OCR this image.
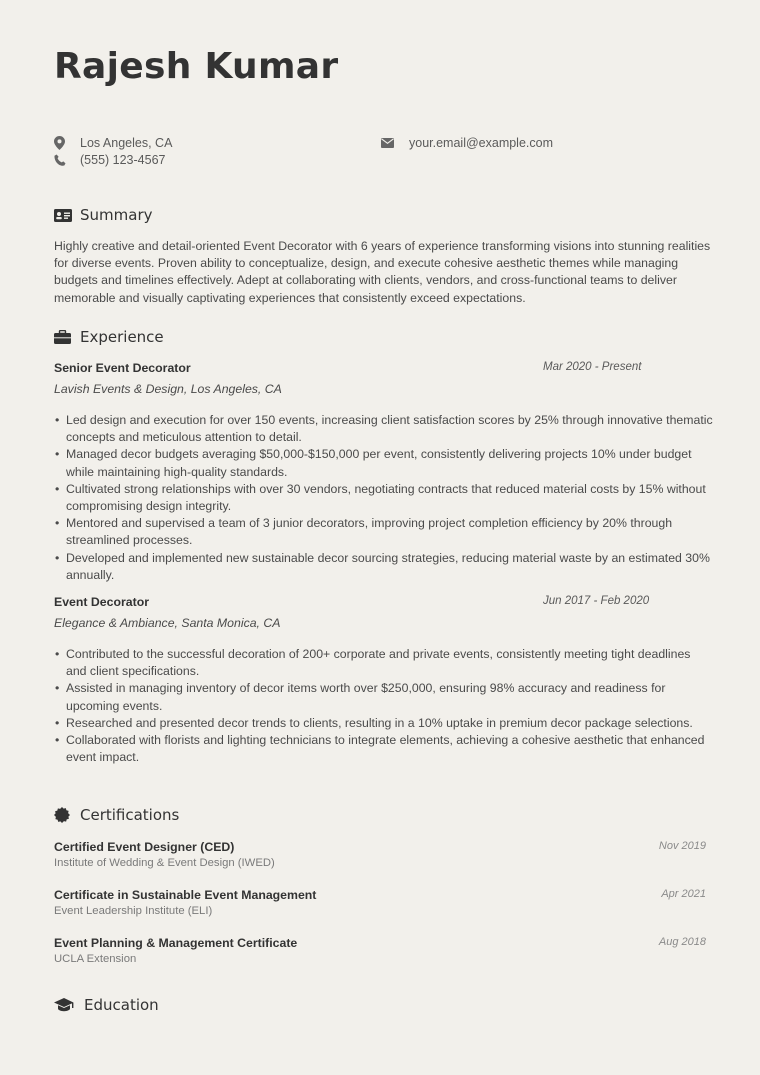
Rajesh Kumar
Los Angeles, CA
(555) 123-4567
your.email@example.com
Summary
Highly creative and detail-oriented Event Decorator with 6 years of experience transforming visions into stunning realities for diverse events. Proven ability to conceptualize, design, and execute cohesive aesthetic themes while managing budgets and timelines effectively. Adept at collaborating with clients, vendors, and cross-functional teams to deliver memorable and visually captivating experiences that consistently exceed expectations.
Experience
Senior Event Decorator	Mar 2020 - Present
Lavish Events & Design, Los Angeles, CA
• Led design and execution for over 150 events, increasing client satisfaction scores by 25% through innovative thematic concepts and meticulous attention to detail.
• Managed decor budgets averaging $50,000-$150,000 per event, consistently delivering projects 10% under budget while maintaining high-quality standards.
• Cultivated strong relationships with over 30 vendors, negotiating contracts that reduced material costs by 15% without compromising design integrity.
• Mentored and supervised a team of 3 junior decorators, improving project completion efficiency by 20% through streamlined processes.
• Developed and implemented new sustainable decor sourcing strategies, reducing material waste by an estimated 30% annually.
Event Decorator	Jun 2017 - Feb 2020
Elegance & Ambiance, Santa Monica, CA
• Contributed to the successful decoration of 200+ corporate and private events, consistently meeting tight deadlines and client specifications.
• Assisted in managing inventory of decor items worth over $250,000, ensuring 98% accuracy and readiness for upcoming events.
• Researched and presented decor trends to clients, resulting in a 10% uptake in premium decor package selections.
• Collaborated with florists and lighting technicians to integrate elements, achieving a cohesive aesthetic that enhanced event impact.
Certifications
Certified Event Designer (CED)	Nov 2019
Institute of Wedding & Event Design (IWED)
Certificate in Sustainable Event Management	Apr 2021
Event Leadership Institute (ELI)
Event Planning & Management Certificate	Aug 2018
UCLA Extension
Education
